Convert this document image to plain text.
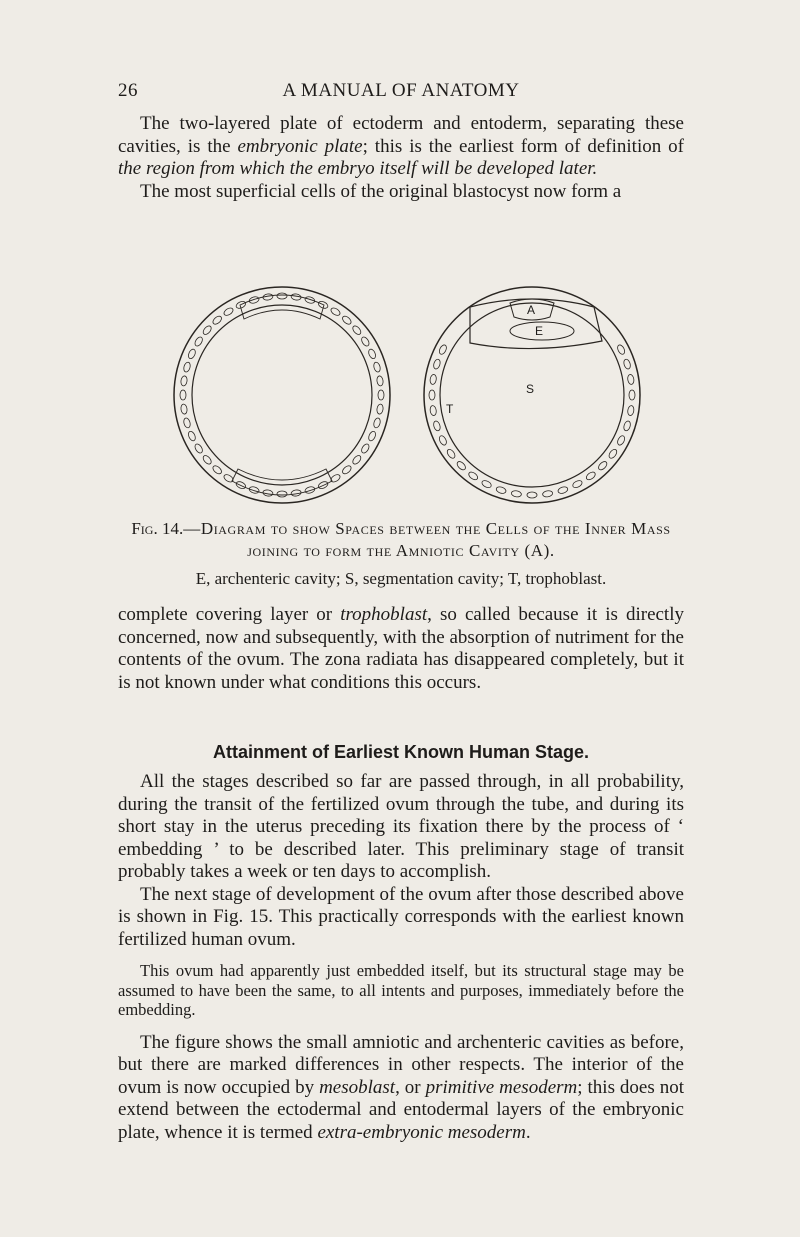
26	A MANUAL OF ANATOMY

The two-layered plate of ectoderm and entoderm, separating these cavities, is the embryonic plate; this is the earliest form of definition of the region from which the embryo itself will be developed later.

The most superficial cells of the original blastocyst now form a

A
E
S
T
Fig. 14.—Diagram to show Spaces between the Cells of the Inner Mass joining to form the Amniotic Cavity (A).
E, archenteric cavity; S, segmentation cavity; T, trophoblast.

complete covering layer or trophoblast, so called because it is directly concerned, now and subsequently, with the absorption of nutriment for the contents of the ovum. The zona radiata has disappeared completely, but it is not known under what conditions this occurs.

Attainment of Earliest Known Human Stage.

All the stages described so far are passed through, in all probability, during the transit of the fertilized ovum through the tube, and during its short stay in the uterus preceding its fixation there by the process of ‘ embedding ’ to be described later. This preliminary stage of transit probably takes a week or ten days to accomplish.

The next stage of development of the ovum after those described above is shown in Fig. 15. This practically corresponds with the earliest known fertilized human ovum.

This ovum had apparently just embedded itself, but its structural stage may be assumed to have been the same, to all intents and purposes, immediately before the embedding.

The figure shows the small amniotic and archenteric cavities as before, but there are marked differences in other respects. The interior of the ovum is now occupied by mesoblast, or primitive mesoderm; this does not extend between the ectodermal and entodermal layers of the embryonic plate, whence it is termed extra-embryonic mesoderm.
